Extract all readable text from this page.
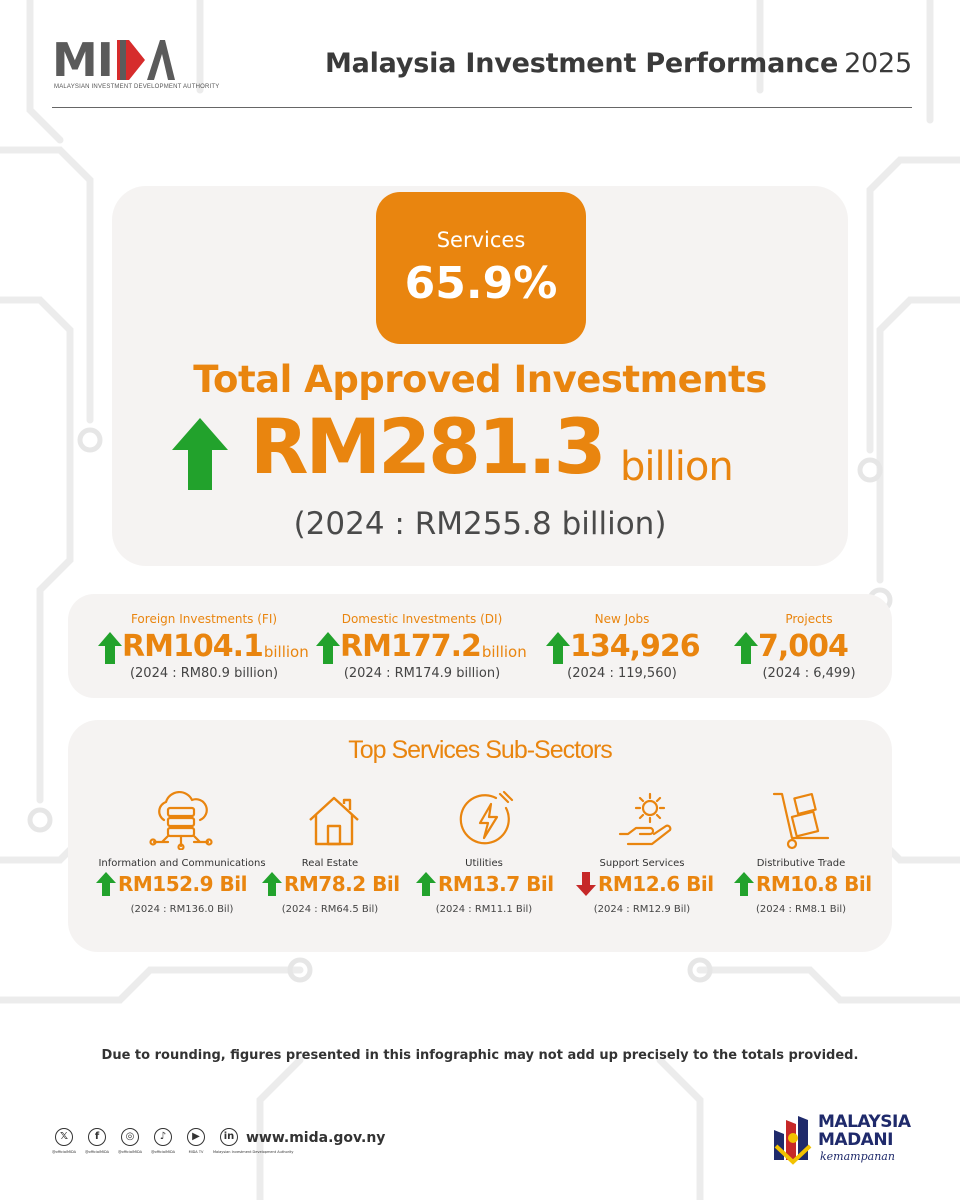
MI
MALAYSIAN INVESTMENT DEVELOPMENT AUTHORITY
Malaysia Investment Performance 2025
Services
65.9%
Total Approved Investments
RM281.3 billion
(2024 : RM255.8 billion)
Foreign Investments (FI)
RM104.1 billion
(2024 : RM80.9 billion)
Domestic Investments (DI)
RM177.2 billion
(2024 : RM174.9 billion)
New Jobs
134,926
(2024 : 119,560)
Projects
7,004
(2024 : 6,499)
Top Services Sub-Sectors
Information and Communications
RM152.9 Bil
(2024 : RM136.0 Bil)
Real Estate
RM78.2 Bil
(2024 : RM64.5 Bil)
Utilities
RM13.7 Bil
(2024 : RM11.1 Bil)
Support Services
RM12.6 Bil
(2024 : RM12.9 Bil)
Distributive Trade
RM10.8 Bil
(2024 : RM8.1 Bil)
Due to rounding, figures presented in this infographic may not add up precisely to the totals provided.
𝕏
@officialMIDA
f
@officialMIDA
◎
@officialMIDA
♪
@officialMIDA
▶
MIDA TV
in
Malaysian Investment Development Authority
www.mida.gov.ny
MALAYSIA
MADANI
kemampanan
